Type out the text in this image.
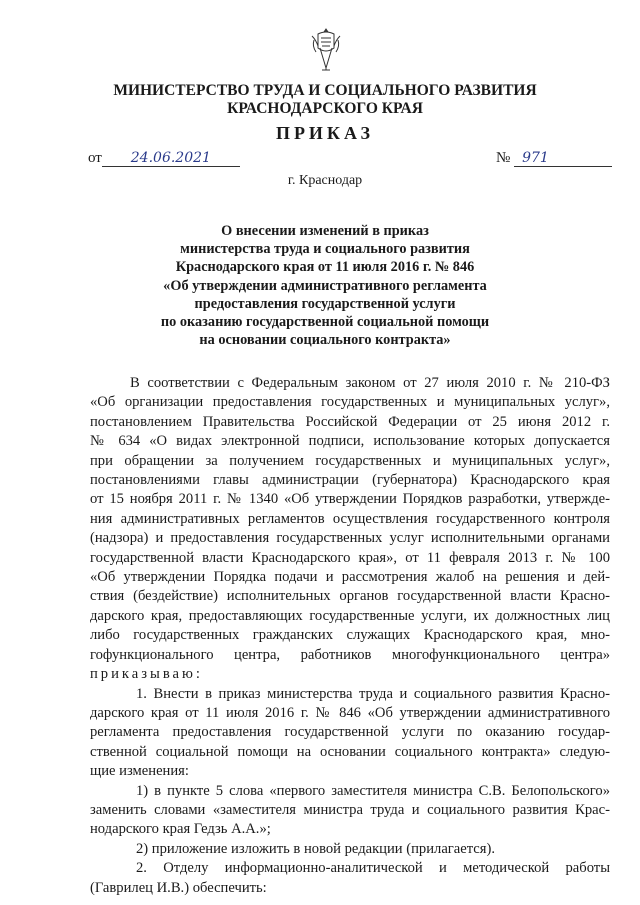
МИНИСТЕРСТВО ТРУДА И СОЦИАЛЬНОГО РАЗВИТИЯ
КРАСНОДАРСКОГО КРАЯ
ПРИКАЗ
от 24.06.2021	№ 971
г. Краснодар
О внесении изменений в приказ
министерства труда и социального развития
Краснодарского края от 11 июля 2016 г. № 846
«Об утверждении административного регламента
предоставления государственной услуги
по оказанию государственной социальной помощи
на основании социального контракта»
В соответствии с Федеральным законом от 27 июля 2010 г. № 210-ФЗ
«Об организации предоставления государственных и муниципальных услуг»,
постановлением Правительства Российской Федерации от 25 июня 2012 г.
№ 634 «О видах электронной подписи, использование которых допускается
при обращении за получением государственных и муниципальных услуг»,
постановлениями главы администрации (губернатора) Краснодарского края
от 15 ноября 2011 г. № 1340 «Об утверждении Порядков разработки, утвержде-
ния административных регламентов осуществления государственного контроля
(надзора) и предоставления государственных услуг исполнительными органами
государственной власти Краснодарского края», от 11 февраля 2013 г. № 100
«Об утверждении Порядка подачи и рассмотрения жалоб на решения и дей-
ствия (бездействие) исполнительных органов государственной власти Красно-
дарского края, предоставляющих государственные услуги, их должностных лиц
либо государственных гражданских служащих Краснодарского края, мно-
гофункционального центра, работников многофункционального центра»
приказываю:
1. Внести в приказ министерства труда и социального развития Красно-
дарского края от 11 июля 2016 г. № 846 «Об утверждении административного
регламента предоставления государственной услуги по оказанию государ-
ственной социальной помощи на основании социального контракта» следую-
щие изменения:
1) в пункте 5 слова «первого заместителя министра С.В. Белопольского»
заменить словами «заместителя министра труда и социального развития Крас-
нодарского края Гедзь А.А.»;
2) приложение изложить в новой редакции (прилагается).
2. Отделу информационно-аналитической и методической работы
(Гаврилец И.В.) обеспечить:
